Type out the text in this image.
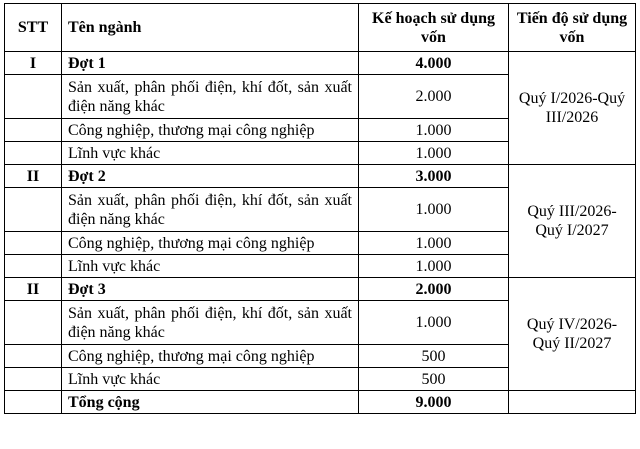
STT	Tên ngành	Kế hoạch sử dụng vốn	Tiến độ sử dụng vốn
I	Đợt 1	4.000	Quý I/2026-Quý III/2026
	Sản xuất, phân phối điện, khí đốt, sản xuất điện năng khác	2.000	
	Công nghiệp, thương mại công nghiệp	1.000	
	Lĩnh vực khác	1.000	
II	Đợt 2	3.000	Quý III/2026-Quý I/2027
	Sản xuất, phân phối điện, khí đốt, sản xuất điện năng khác	1.000	
	Công nghiệp, thương mại công nghiệp	1.000	
	Lĩnh vực khác	1.000	
II	Đợt 3	2.000	Quý IV/2026-Quý II/2027
	Sản xuất, phân phối điện, khí đốt, sản xuất điện năng khác	1.000	
	Công nghiệp, thương mại công nghiệp	500	
	Lĩnh vực khác	500	
	Tổng cộng	9.000	
